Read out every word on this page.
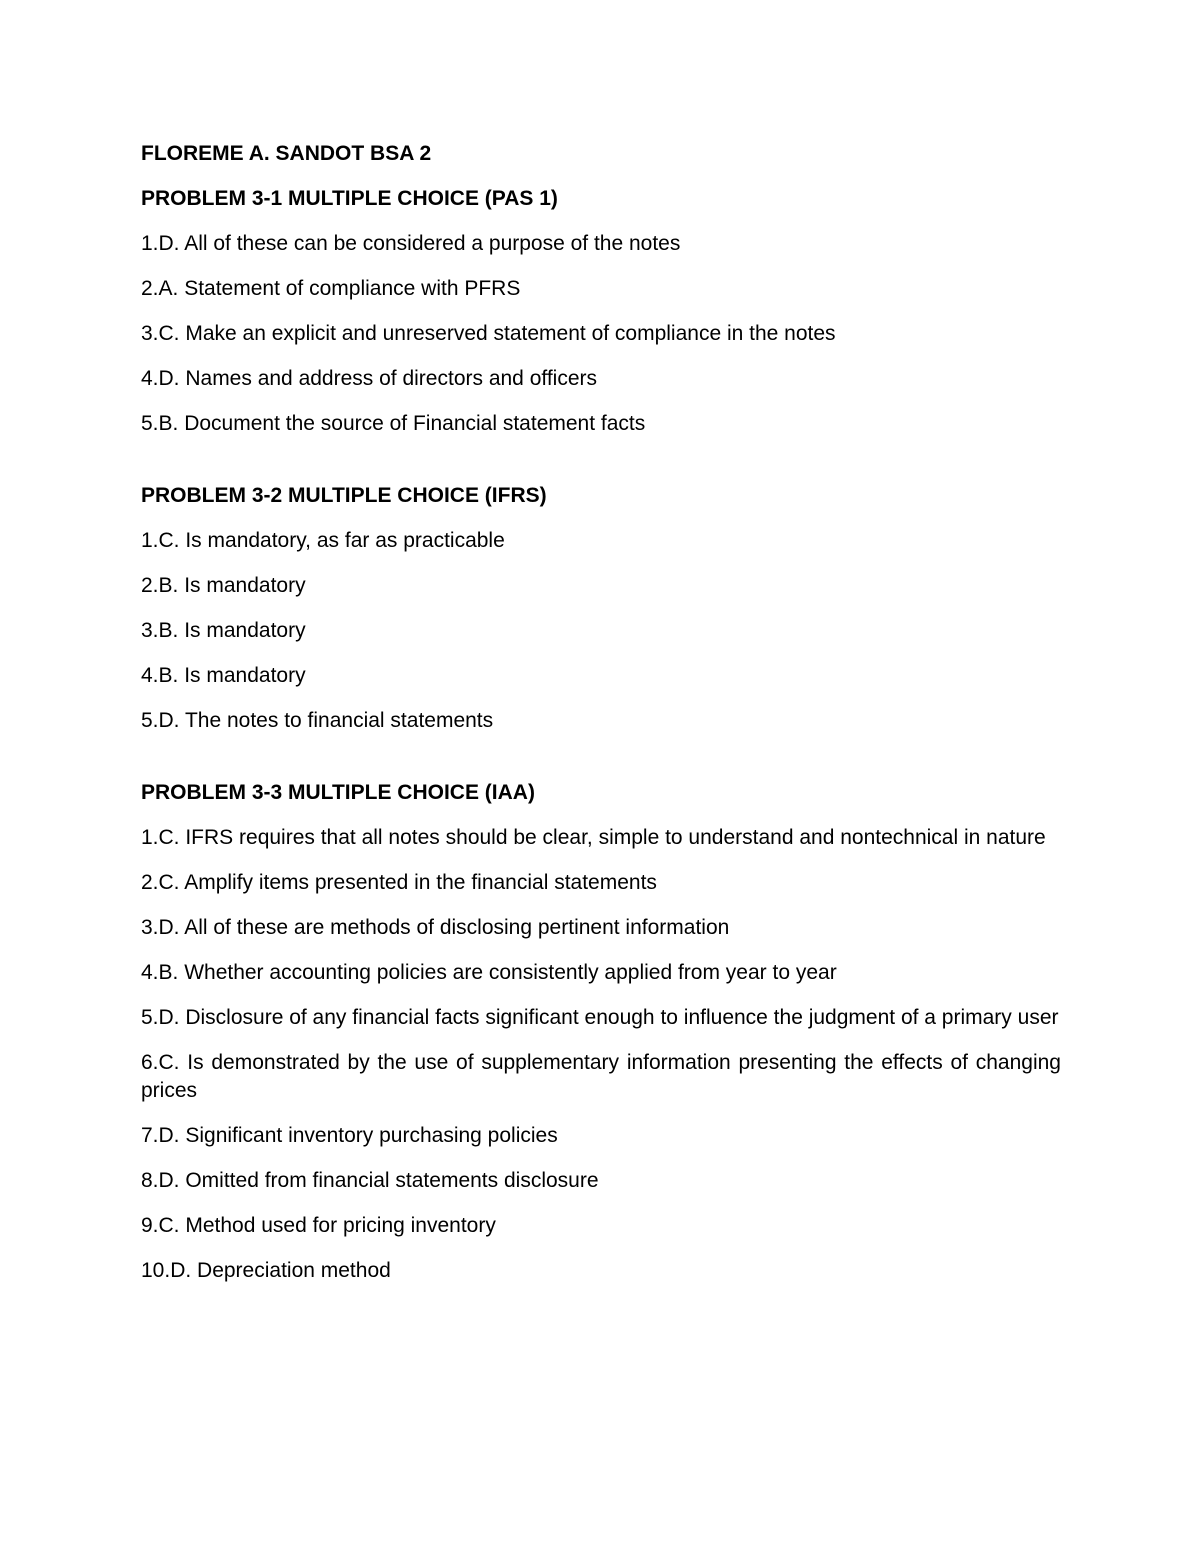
FLOREME A. SANDOT BSA 2
PROBLEM 3-1 MULTIPLE CHOICE (PAS 1)
1.D. All of these can be considered a purpose of the notes
2.A. Statement of compliance with PFRS
3.C. Make an explicit and unreserved statement of compliance in the notes
4.D. Names and address of directors and officers
5.B. Document the source of Financial statement facts
PROBLEM 3-2 MULTIPLE CHOICE (IFRS)
1.C. Is mandatory, as far as practicable
2.B. Is mandatory
3.B. Is mandatory
4.B. Is mandatory
5.D. The notes to financial statements
PROBLEM 3-3 MULTIPLE CHOICE (IAA)
1.C. IFRS requires that all notes should be clear, simple to understand and nontechnical in nature
2.C. Amplify items presented in the financial statements
3.D. All of these are methods of disclosing pertinent information
4.B. Whether accounting policies are consistently applied from year to year
5.D. Disclosure of any financial facts significant enough to influence the judgment of a primary user
6.C. Is demonstrated by the use of supplementary information presenting the effects of changing prices
7.D. Significant inventory purchasing policies
8.D. Omitted from financial statements disclosure
9.C. Method used for pricing inventory
10.D. Depreciation method
